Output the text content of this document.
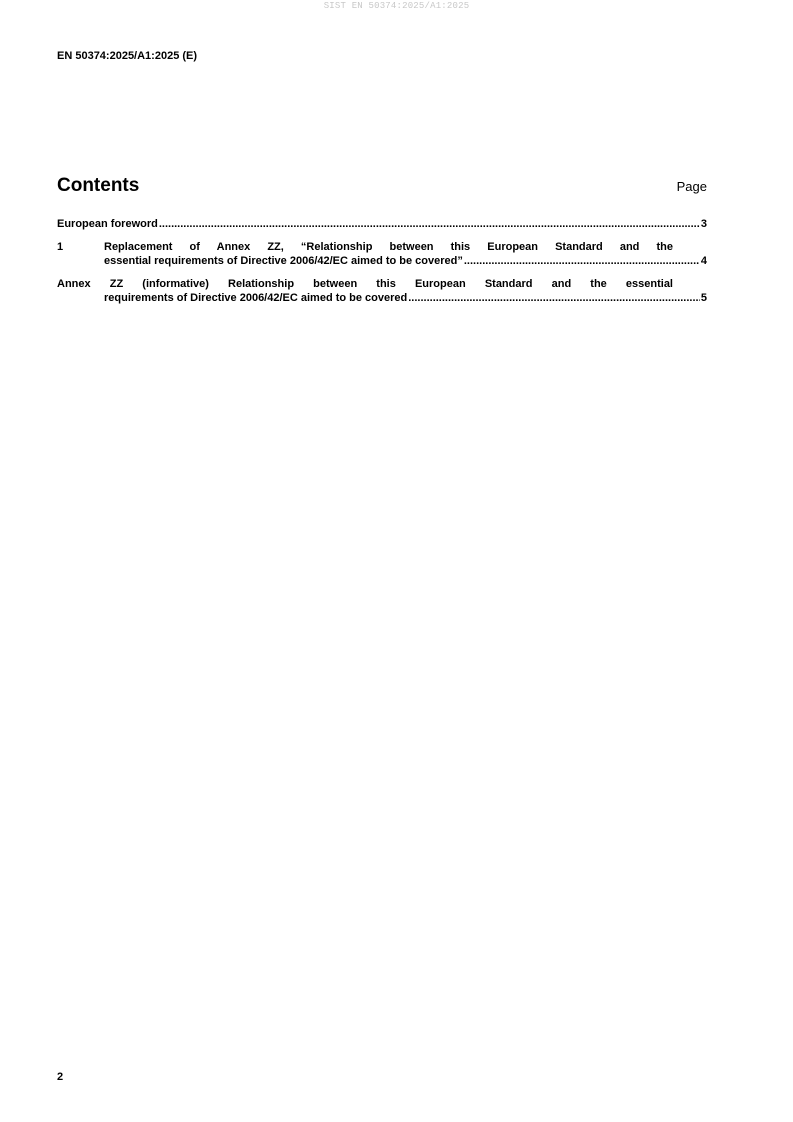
SIST EN 50374:2025/A1:2025
EN 50374:2025/A1:2025 (E)
Contents	Page
European foreword .....	3
1	Replacement of Annex ZZ, “Relationship between this European Standard and the
essential requirements of Directive 2006/42/EC aimed to be covered” .....	4
Annex ZZ (informative) Relationship between this European Standard and the essential
requirements of Directive 2006/42/EC aimed to be covered .....	5
2
